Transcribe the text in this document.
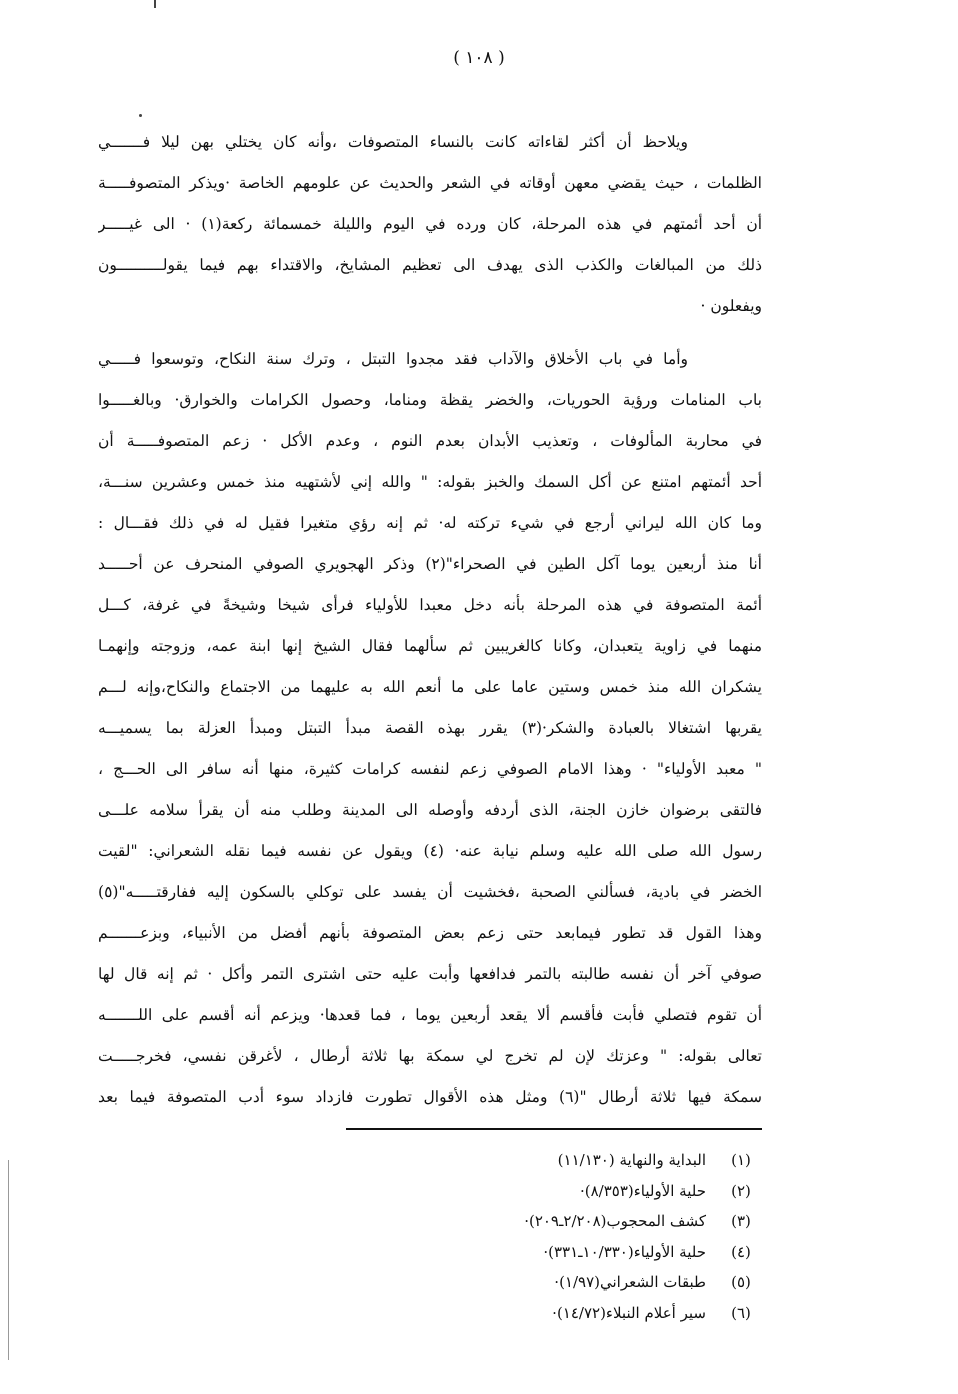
( ١٠٨ )
ويلاحظ أن أكثر لقاءاته كانت بالنساء المتصوفات ،وأنه كان يختلي بهن ليلا فـــــــي
الظلمات ، حيث يقضي معهن أوقاته في الشعر والحديث عن علومهم الخاصة ·ويذكر المتصوفـــــة
أن أحد أئمتهم في هذه المرحلة، كان ورده في اليوم والليلة خمسمائة ركعة(١) · الى غيـــــر
ذلك من المبالغات والكذب الذى يهدف الى تعظيم المشايخ، والاقتداء بهم فيما يقولــــــــــون
ويفعلون ·
وأما في باب الأخلاق والآداب فقد مجدوا التبتل ، وترك سنة النكاح، وتوسعوا فـــــي
باب المنامات ورؤية الحوريات، والخضر يقظة ومناما، وحصول الكرامات والخوارق· وبالغـــــوا
في محاربة المألوفات ، وتعذيب الأبدان بعدم النوم ، وعدم الأكل · زعم المتصوفـــــة أن
أحد أئمتهم امتنع عن أكل السمك والخبز بقوله: " والله إني لأشتهيه منذ خمس وعشرين سنـــة،
وما كان الله ليراني أرجع في شيء تركته له· ثم إنه رؤي متغيرا فقيل له في ذلك فقـــال :
أنا منذ أربعين يوما آكل الطين في الصحراء"(٢) وذكر الهجويري الصوفي المنحرف عن أحـــــد
أئمة المتصوفة في هذه المرحلة بأنه دخل معبدا للأولياء فرأى شيخا وشيخةً في غرفة، كـــل
منهما في زاوية يتعبدان، وكانا كالغريبين ثم سألهما فقال الشيخ إنها ابنة عمه، وزوجته وإنهمـا
يشكران الله منذ خمس وستين عاما على ما أنعم الله به عليهما من الاجتماع والنكاح،وإنه لـــم
يقربها اشتغالا بالعبادة والشكر·(٣) يقرر بهذه القصة مبدأ التبتل ومبدأ العزلة بما يسميـــه
" معبد الأولياء" · وهذا الامام الصوفي زعم لنفسه كرامات كثيرة، منها أنه سافر الى الحـــج ،
فالتقى برضوان خازن الجنة، الذى أردفه وأوصله الى المدينة وطلب منه أن يقرأ سلامه علـــى
رسول الله صلى الله عليه وسلم نيابة عنه· (٤) ويقول عن نفسه فيما نقله الشعراني: "لقيت
الخضر في بادية، فسألني الصحبة ،فخشيت أن يفسد على توكلي بالسكون إليه ففارقتـــــه"(٥)
وهذا القول قد تطور فيمابعد حتى زعم بعض المتصوفة بأنهم أفضل من الأنبياء، وبزعـــــــم
صوفي آخر أن نفسه طالبته بالتمر فدافعها وأبت عليه حتى اشترى التمر وأكل · ثم إنه قال لها
أن تقوم فتصلي فأبت فأقسم ألا يقعد أربعين يوما ، فما قعدها· ويزعم أنه أقسم على اللـــــــه
تعالى بقوله: " وعزتك لإن لم تخرج لي سمكة بها ثلاثة أرطال ، لأغرقن نفسي، فخرجـــــت
سمكة فيها ثلاثة أرطال "(٦) ومثل هذه الأقوال تطورت فازداد سوء أدب المتصوفة فيما بعد
(١)
البداية والنهاية (١١/١٣٠)
(٢)
حلية الأولياء(٨/٣٥٣)·
(٣)
كشف المحجوب(٢/٢٠٨ـ٢٠٩)·
(٤)
حلية الأولياء(١٠/٣٣٠ـ٣٣١)·
(٥)
طبقات الشعراني(١/٩٧)·
(٦)
سير أعلام النبلاء(١٤/٧٢)·
